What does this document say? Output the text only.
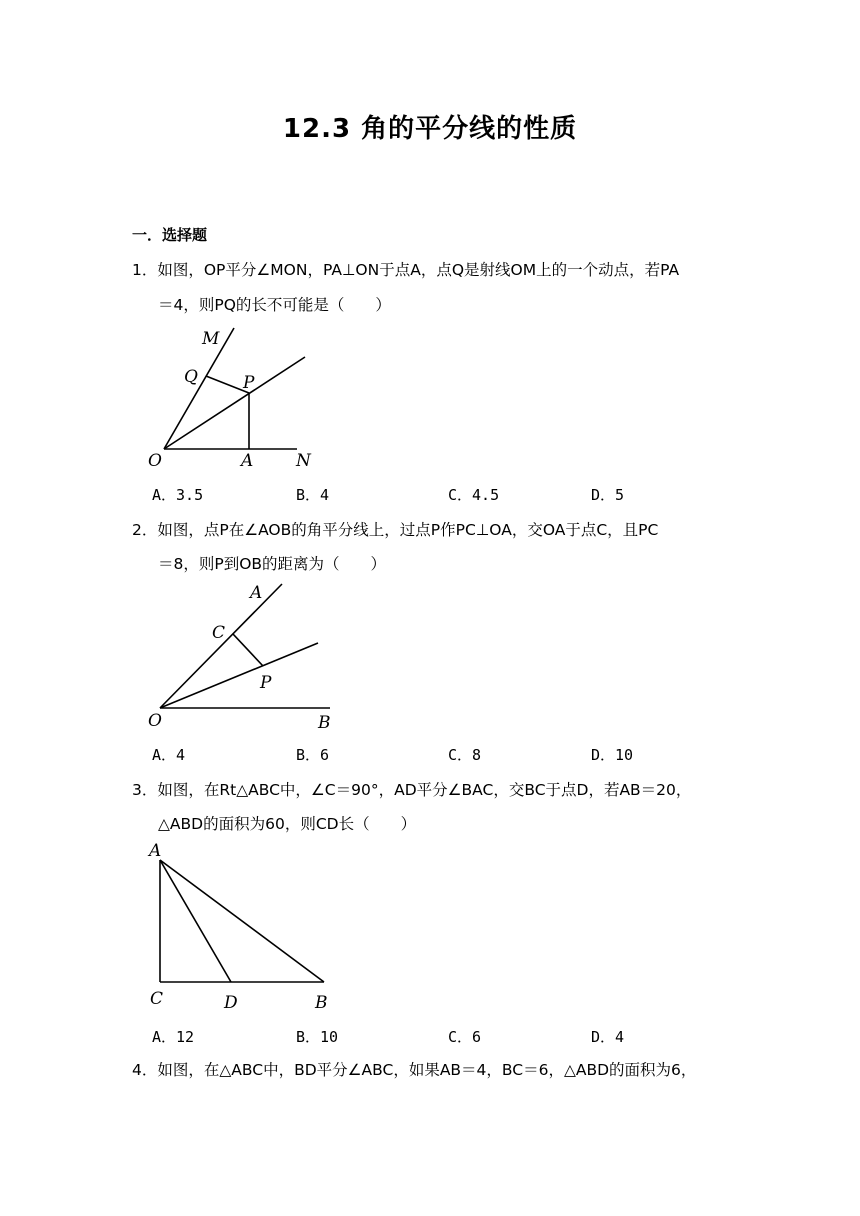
12.3 角的平分线的性质
一．选择题
1．如图，OP平分∠MON，PA⊥ON于点A，点Q是射线OM上的一个动点，若PA
＝4，则PQ的长不可能是（　　）
M
Q	P
O	A	N
A．3.5	B．4	C．4.5	D．5
2．如图，点P在∠AOB的角平分线上，过点P作PC⊥OA，交OA于点C，且PC
＝8，则P到OB的距离为（　　）
A
C
P
O	B
A．4	B．6	C．8	D．10
3．如图，在Rt△ABC中，∠C＝90°，AD平分∠BAC，交BC于点D，若AB＝20，
△ABD的面积为60，则CD长（　　）
A
C	D	B
A．12	B．10	C．6	D．4
4．如图，在△ABC中，BD平分∠ABC，如果AB＝4，BC＝6，△ABD的面积为6，
